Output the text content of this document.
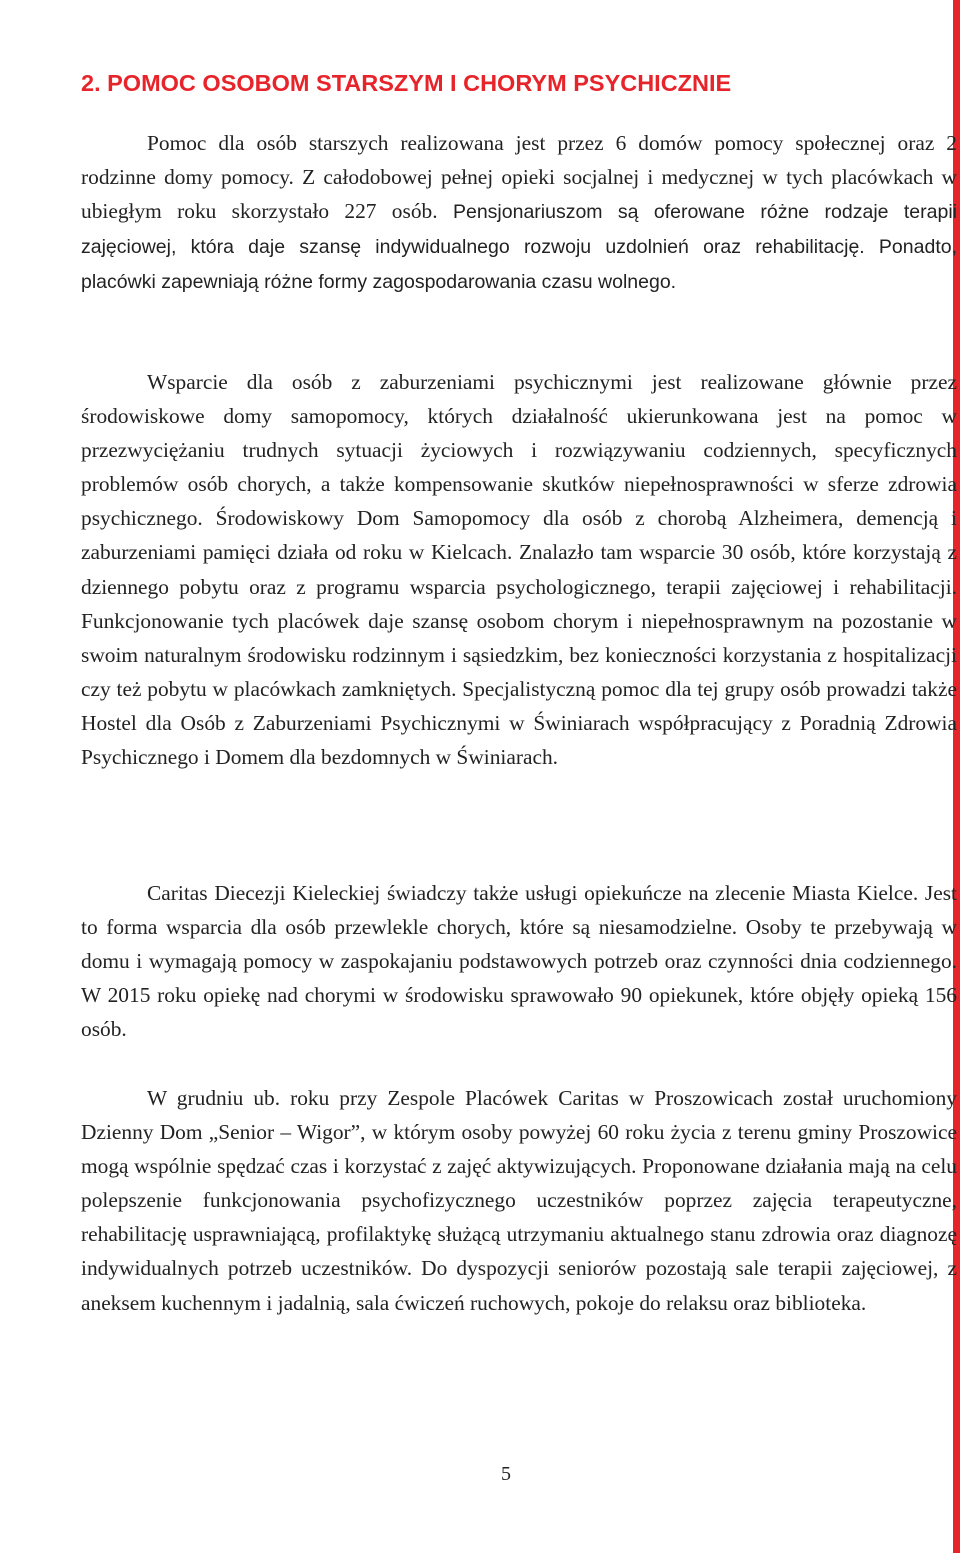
2. POMOC OSOBOM STARSZYM I CHORYM PSYCHICZNIE

Pomoc dla osób starszych realizowana jest przez 6 domów pomocy społecznej oraz 2 rodzinne domy pomocy. Z całodobowej pełnej opieki socjalnej i medycznej w tych placówkach w ubiegłym roku skorzystało 227 osób. Pensjonariuszom są oferowane różne rodzaje terapii zajęciowej, która daje szansę indywidualnego rozwoju uzdolnień oraz rehabilitację. Ponadto, placówki zapewniają różne formy zagospodarowania czasu wolnego.

Wsparcie dla osób z zaburzeniami psychicznymi jest realizowane głównie przez środowiskowe domy samopomocy, których działalność ukierunkowana jest na pomoc w przezwyciężaniu trudnych sytuacji życiowych i rozwiązywaniu codziennych, specyficznych problemów osób chorych, a także kompensowanie skutków niepełnosprawności w sferze zdrowia psychicznego. Środowiskowy Dom Samopomocy dla osób z chorobą Alzheimera, demencją i zaburzeniami pamięci działa od roku w Kielcach. Znalazło tam wsparcie 30 osób, które korzystają z dziennego pobytu oraz z programu wsparcia psychologicznego, terapii zajęciowej i rehabilitacji. Funkcjonowanie tych placówek daje szansę osobom chorym i niepełnosprawnym na pozostanie w swoim naturalnym środowisku rodzinnym i sąsiedzkim, bez konieczności korzystania z hospitalizacji czy też pobytu w placówkach zamkniętych. Specjalistyczną pomoc dla tej grupy osób prowadzi także Hostel dla Osób z Zaburzeniami Psychicznymi w Świniarach współpracujący z Poradnią Zdrowia Psychicznego i Domem dla bezdomnych w Świniarach.

Caritas Diecezji Kieleckiej świadczy także usługi opiekuńcze na zlecenie Miasta Kielce. Jest to forma wsparcia dla osób przewlekle chorych, które są niesamodzielne. Osoby te przebywają w domu i wymagają pomocy w zaspokajaniu podstawowych potrzeb oraz czynności dnia codziennego. W 2015 roku opiekę nad chorymi w środowisku sprawowało 90 opiekunek, które objęły opieką 156 osób.

W grudniu ub. roku przy Zespole Placówek Caritas w Proszowicach został uruchomiony Dzienny Dom „Senior – Wigor”, w którym osoby powyżej 60 roku życia z terenu gminy Proszowice mogą wspólnie spędzać czas i korzystać z zajęć aktywizujących. Proponowane działania mają na celu polepszenie funkcjonowania psychofizycznego uczestników poprzez zajęcia terapeutyczne, rehabilitację usprawniającą, profilaktykę służącą utrzymaniu aktualnego stanu zdrowia oraz diagnozę indywidualnych potrzeb uczestników. Do dyspozycji seniorów pozostają sale terapii zajęciowej, z aneksem kuchennym i jadalnią, sala ćwiczeń ruchowych, pokoje do relaksu oraz biblioteka.

5
